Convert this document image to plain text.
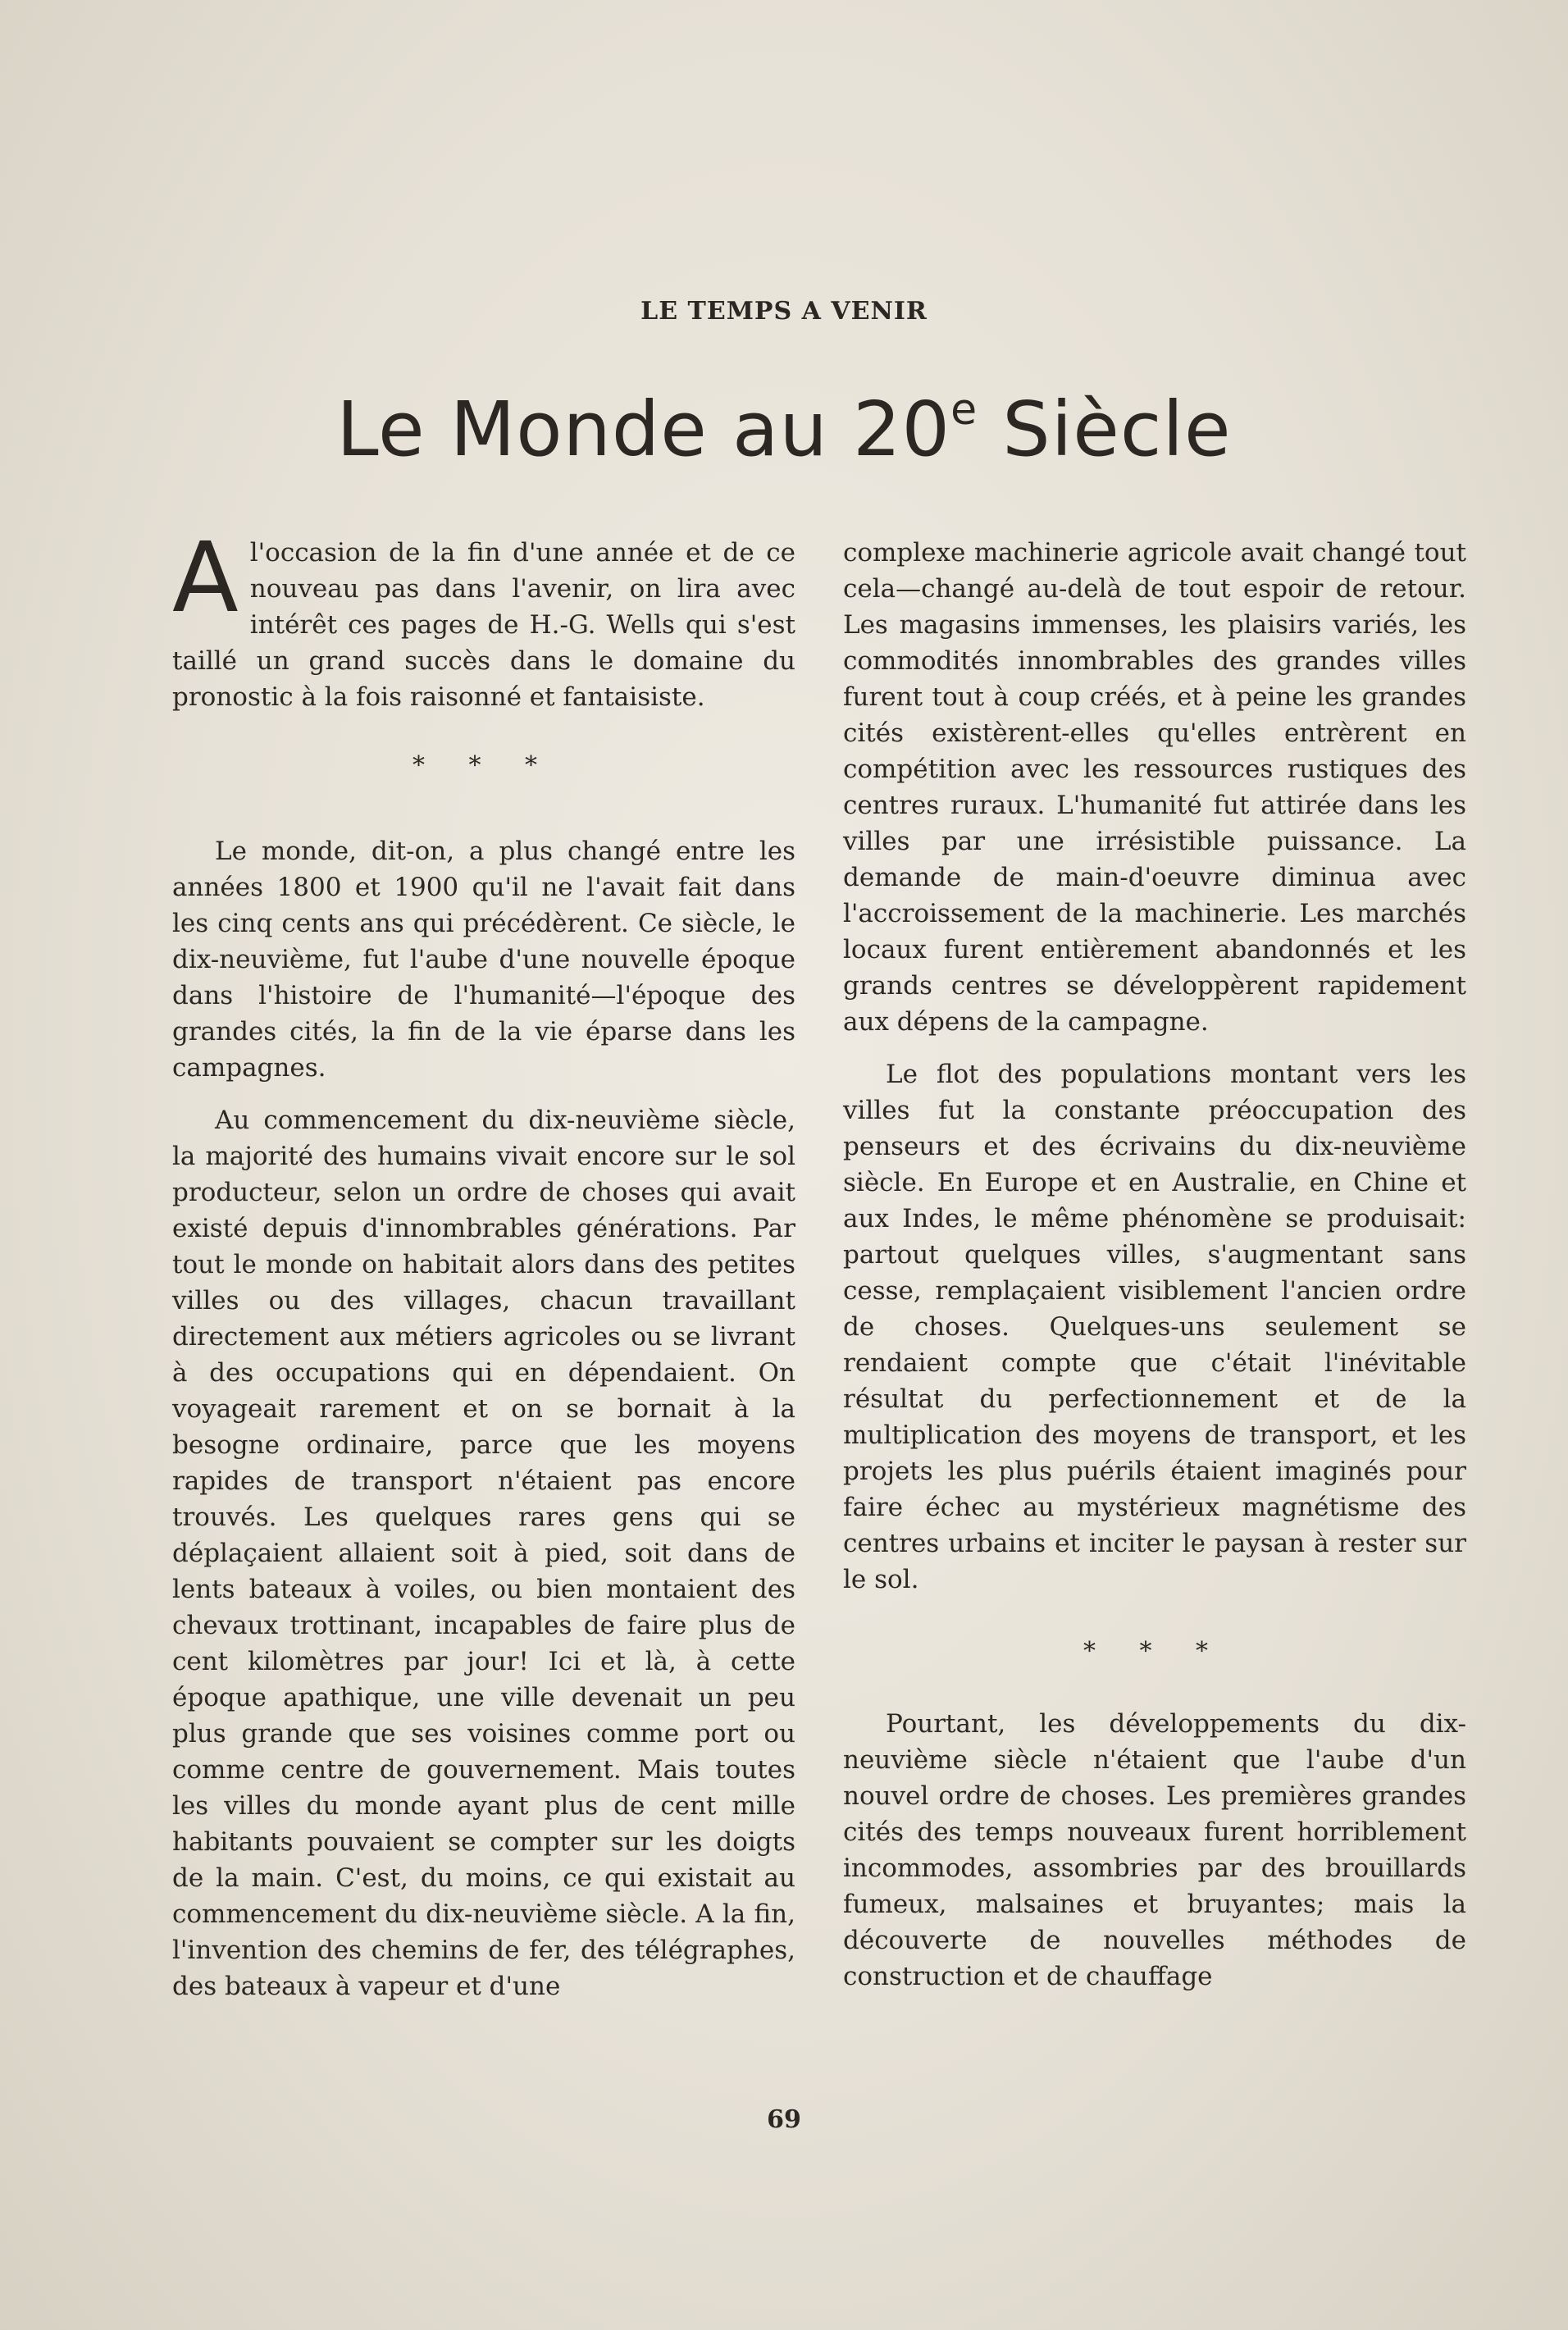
LE TEMPS A VENIR
Le Monde au 20e Siècle

Al'occasion de la fin d'une année et de ce nouveau pas dans l'avenir, on lira avec intérêt ces pages de H.-G. Wells qui s'est taillé un grand succès dans le domaine du pronostic à la fois raisonné et fantaisiste.

* * *

Le monde, dit-on, a plus changé entre les années 1800 et 1900 qu'il ne l'avait fait dans les cinq cents ans qui précédèrent. Ce siècle, le dix-neuvième, fut l'aube d'une nouvelle époque dans l'histoire de l'humanité—l'époque des grandes cités, la fin de la vie éparse dans les campagnes.

Au commencement du dix-neuvième siècle, la majorité des humains vivait encore sur le sol producteur, selon un ordre de choses qui avait existé depuis d'innombrables générations. Par tout le monde on habitait alors dans des petites villes ou des villages, chacun travaillant directement aux métiers agricoles ou se livrant à des occupations qui en dépendaient. On voyageait rarement et on se bornait à la besogne ordinaire, parce que les moyens rapides de transport n'étaient pas encore trouvés. Les quelques rares gens qui se déplaçaient allaient soit à pied, soit dans de lents bateaux à voiles, ou bien montaient des chevaux trottinant, incapables de faire plus de cent kilomètres par jour! Ici et là, à cette époque apathique, une ville devenait un peu plus grande que ses voisines comme port ou comme centre de gouvernement. Mais toutes les villes du monde ayant plus de cent mille habitants pouvaient se compter sur les doigts de la main. C'est, du moins, ce qui existait au commencement du dix-neuvième siècle. A la fin, l'invention des chemins de fer, des télégraphes, des bateaux à vapeur et d'une

complexe machinerie agricole avait changé tout cela—changé au-delà de tout espoir de retour. Les magasins immenses, les plaisirs variés, les commodités innombrables des grandes villes furent tout à coup créés, et à peine les grandes cités existèrent-elles qu'elles entrèrent en compétition avec les ressources rustiques des centres ruraux. L'humanité fut attirée dans les villes par une irrésistible puissance. La demande de main-d'oeuvre diminua avec l'accroissement de la machinerie. Les marchés locaux furent entièrement abandonnés et les grands centres se développèrent rapidement aux dépens de la campagne.

Le flot des populations montant vers les villes fut la constante préoccupation des penseurs et des écrivains du dix-neuvième siècle. En Europe et en Australie, en Chine et aux Indes, le même phénomène se produisait: partout quelques villes, s'augmentant sans cesse, remplaçaient visiblement l'ancien ordre de choses. Quelques-uns seulement se rendaient compte que c'était l'inévitable résultat du perfectionnement et de la multiplication des moyens de transport, et les projets les plus puérils étaient imaginés pour faire échec au mystérieux magnétisme des centres urbains et inciter le paysan à rester sur le sol.

* * *

Pourtant, les développements du dix-neuvième siècle n'étaient que l'aube d'un nouvel ordre de choses. Les premières grandes cités des temps nouveaux furent horriblement incommodes, assombries par des brouillards fumeux, malsaines et bruyantes; mais la découverte de nouvelles méthodes de construction et de chauffage

69
